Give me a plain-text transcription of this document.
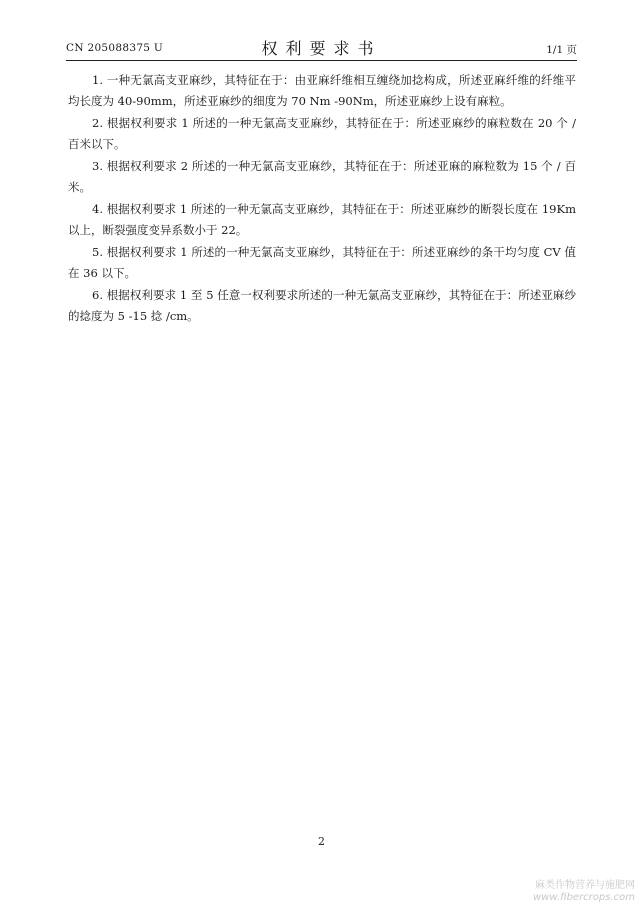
CN 205088375 U	权利要求书	1/1 页
1. 一种无氯高支亚麻纱，其特征在于：由亚麻纤维相互缠绕加捻构成，所述亚麻纤维的纤维平均长度为 40-90mm，所述亚麻纱的细度为 70 Nm -90Nm，所述亚麻纱上设有麻粒。
2. 根据权利要求 1 所述的一种无氯高支亚麻纱，其特征在于：所述亚麻纱的麻粒数在 20 个 / 百米以下。
3. 根据权利要求 2 所述的一种无氯高支亚麻纱，其特征在于：所述亚麻的麻粒数为 15 个 / 百米。
4. 根据权利要求 1 所述的一种无氯高支亚麻纱，其特征在于：所述亚麻纱的断裂长度在 19Km 以上，断裂强度变异系数小于 22。
5. 根据权利要求 1 所述的一种无氯高支亚麻纱，其特征在于：所述亚麻纱的条干均匀度 CV 值在 36 以下。
6. 根据权利要求 1 至 5 任意一权利要求所述的一种无氯高支亚麻纱，其特征在于：所述亚麻纱的捻度为 5 -15 捻 /cm。
2
麻类作物营养与施肥网
www.fibercrops.com
